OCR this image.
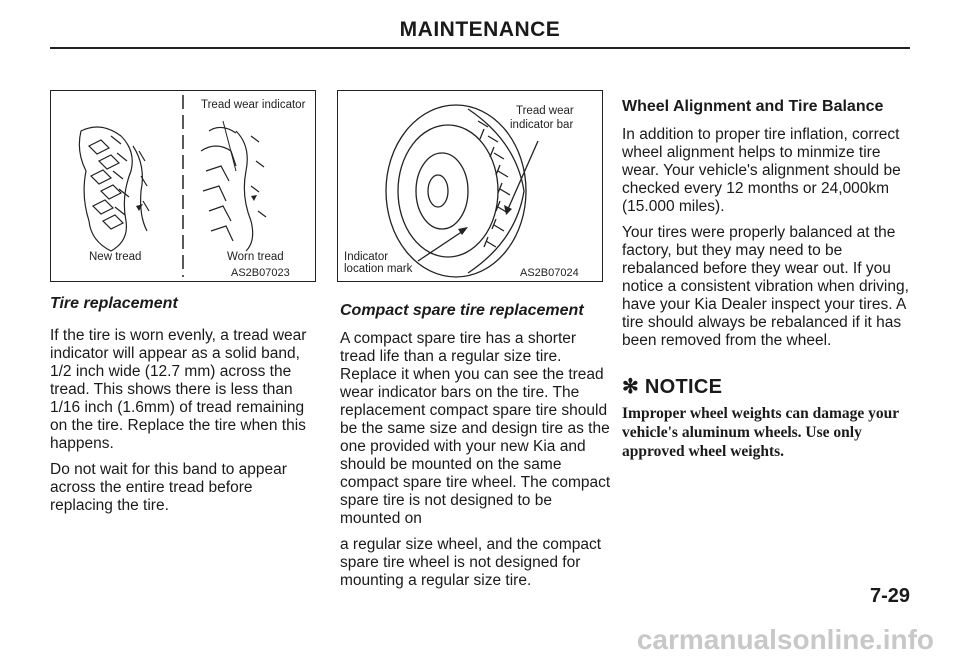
MAINTENANCE
Tread wear indicator
New tread	Worn tread
AS2B07023
Tread wear
indicator bar
Indicator
location mark	AS2B07024

Tire replacement

If the tire is worn evenly, a tread wear indicator will appear as a solid band, 1/2 inch wide (12.7 mm) across the tread. This shows there is less than 1/16 inch (1.6mm) of tread remaining on the tire. Replace the tire when this happens.

Do not wait for this band to appear across the entire tread before replacing the tire.

Compact spare tire replacement

A compact spare tire has a shorter tread life than a regular size tire. Replace it when you can see the tread wear indicator bars on the tire. The replacement compact spare tire should be the same size and design tire as the one provided with your new Kia and should be mounted on the same compact spare tire wheel. The compact spare tire is not designed to be mounted on

a regular size wheel, and the compact spare tire wheel is not designed for mounting a regular size tire.

Wheel Alignment and Tire Balance

In addition to proper tire inflation, correct wheel alignment helps to minmize tire wear. Your vehicle's alignment should be checked every 12 months or 24,000km (15.000 miles).

Your tires were properly balanced at the factory, but they may need to be rebalanced before they wear out. If you notice a consistent vibration when driving, have your Kia Dealer inspect your tires. A tire should always be rebalanced if it has been removed from the wheel.

✻ NOTICE
Improper wheel weights can damage your vehicle's aluminum wheels. Use only approved wheel weights.
7-29
carmanualsonline.info
